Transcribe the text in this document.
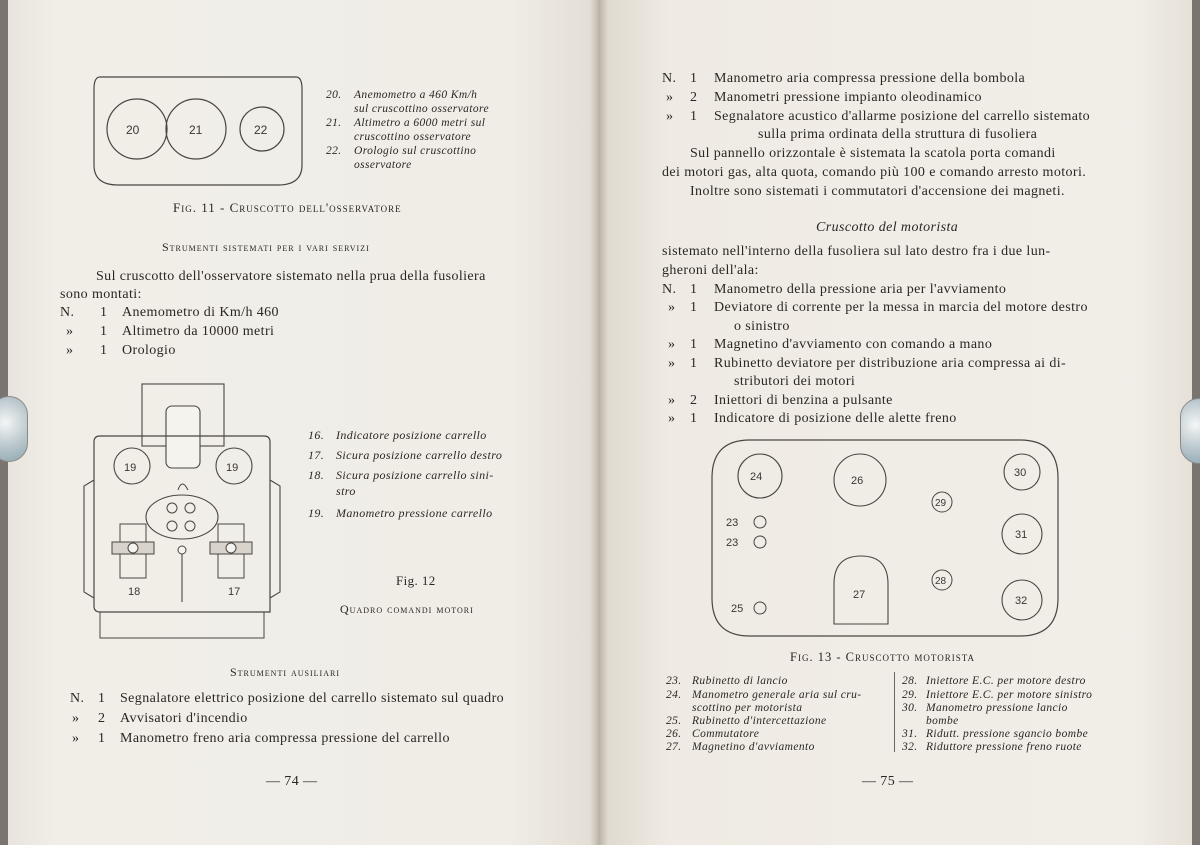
20	21	22
20. Anemometro a 460 Km/h
sul cruscottino osservatore
21. Altimetro a 6000 metri sul
cruscottino osservatore
22. Orologio sul cruscottino
osservatore
Fig. 11 - Cruscotto dell'osservatore
Strumenti sistemati per i vari servizi
Sul cruscotto dell'osservatore sistemato nella prua della fusoliera
sono montati:
N. 1 Anemometro di Km/h 460
» 1 Altimetro da 10000 metri
» 1 Orologio
19	19
18	17
16. Indicatore posizione carrello
17. Sicura posizione carrello destro
18. Sicura posizione carrello sini-
stro
19. Manometro pressione carrello
Fig. 12
Quadro comandi motori
Strumenti ausiliari
N. 1 Segnalatore elettrico posizione del carrello sistemato sul quadro
» 2 Avvisatori d'incendio
» 1 Manometro freno aria compressa pressione del carrello
— 74 —
N. 1 Manometro aria compressa pressione della bombola
» 2 Manometri pressione impianto oleodinamico
» 1 Segnalatore acustico d'allarme posizione del carrello sistemato
sulla prima ordinata della struttura di fusoliera
Sul pannello orizzontale è sistemata la scatola porta comandi
dei motori gas, alta quota, comando più 100 e comando arresto motori.
Inoltre sono sistemati i commutatori d'accensione dei magneti.
Cruscotto del motorista
sistemato nell'interno della fusoliera sul lato destro fra i due lun-
gheroni dell'ala:
N. 1 Manometro della pressione aria per l'avviamento
» 1 Deviatore di corrente per la messa in marcia del motore destro
o sinistro
» 1 Magnetino d'avviamento con comando a mano
» 1 Rubinetto deviatore per distribuzione aria compressa ai di-
stributori dei motori
» 2 Iniettori di benzina a pulsante
» 1 Indicatore di posizione delle alette freno
24	26
30
29
23
23
31
28
27
25
32
Fig. 13 - Cruscotto motorista
23. Rubinetto di lancio
24. Manometro generale aria sul cru-
scottino per motorista
25. Rubinetto d'intercettazione
26. Commutatore
27. Magnetino d'avviamento
28. Iniettore E.C. per motore destro
29. Iniettore E.C. per motore sinistro
30. Manometro pressione lancio
bombe
31. Ridutt. pressione sgancio bombe
32. Riduttore pressione freno ruote
— 75 —
